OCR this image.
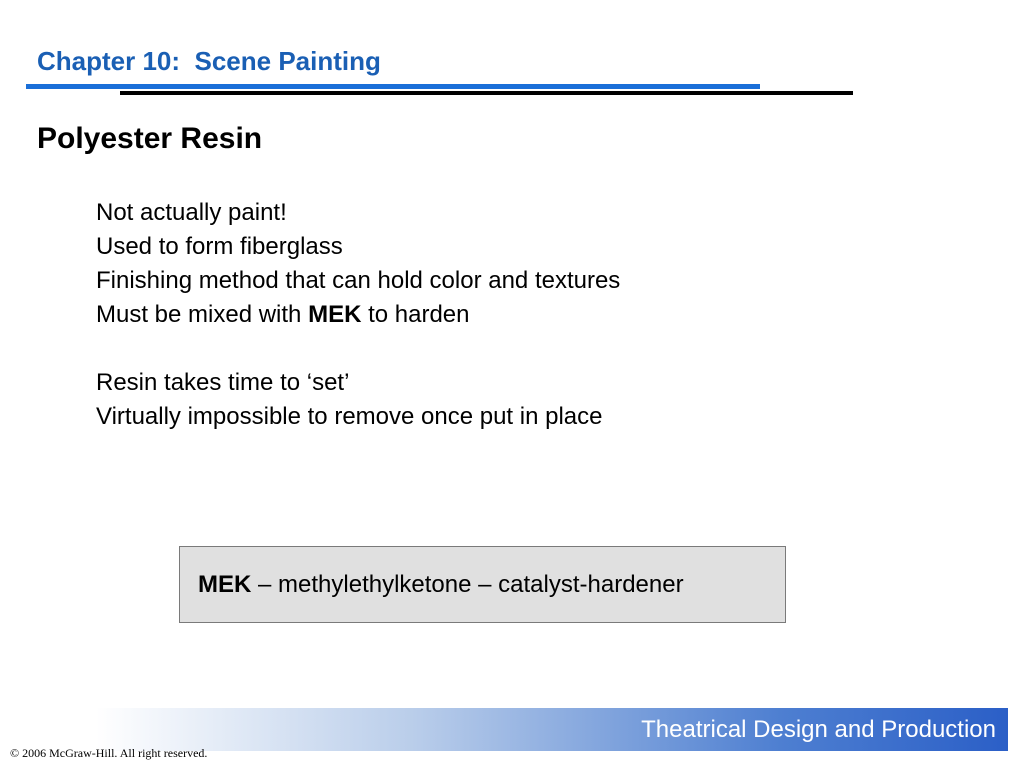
Chapter 10:  Scene Painting
Polyester Resin
Not actually paint!
Used to form fiberglass
Finishing method that can hold color and textures
Must be mixed with MEK to harden
Resin takes time to ‘set’
Virtually impossible to remove once put in place
MEK – methylethylketone – catalyst-hardener
Theatrical Design and Production
© 2006 McGraw-Hill. All right reserved.
